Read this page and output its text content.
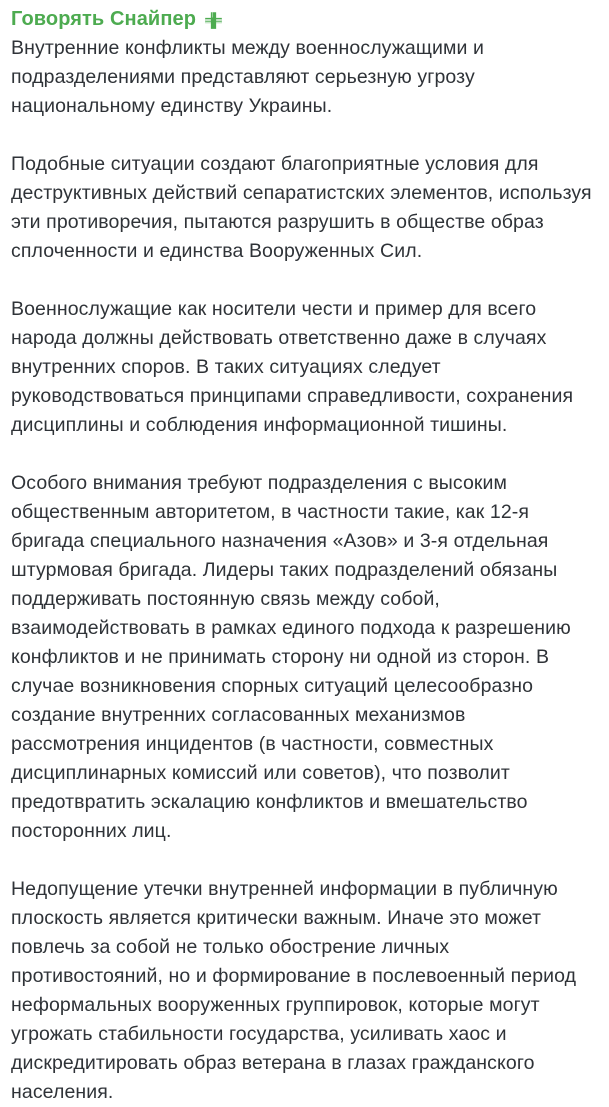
Говорять Снайпер

Внутренние конфликты между военнослужащими и подразделениями представляют серьезную угрозу национальному единству Украины.

Подобные ситуации создают благоприятные условия для деструктивных действий сепаратистских элементов, используя эти противоречия, пытаются разрушить в обществе образ сплоченности и единства Вооруженных Сил.

Военнослужащие как носители чести и пример для всего народа должны действовать ответственно даже в случаях внутренних споров. В таких ситуациях следует руководствоваться принципами справедливости, сохранения дисциплины и соблюдения информационной тишины.

Особого внимания требуют подразделения с высоким общественным авторитетом, в частности такие, как 12-я бригада специального назначения «Азов» и 3-я отдельная штурмовая бригада. Лидеры таких подразделений обязаны поддерживать постоянную связь между собой, взаимодействовать в рамках единого подхода к разрешению конфликтов и не принимать сторону ни одной из сторон. В случае возникновения спорных ситуаций целесообразно создание внутренних согласованных механизмов рассмотрения инцидентов (в частности, совместных дисциплинарных комиссий или советов), что позволит предотвратить эскалацию конфликтов и вмешательство посторонних лиц.

Недопущение утечки внутренней информации в публичную плоскость является критически важным. Иначе это может повлечь за собой не только обострение личных противостояний, но и формирование в послевоенный период неформальных вооруженных группировок, которые могут угрожать стабильности государства, усиливать хаос и дискредитировать образ ветерана в глазах гражданского населения.
